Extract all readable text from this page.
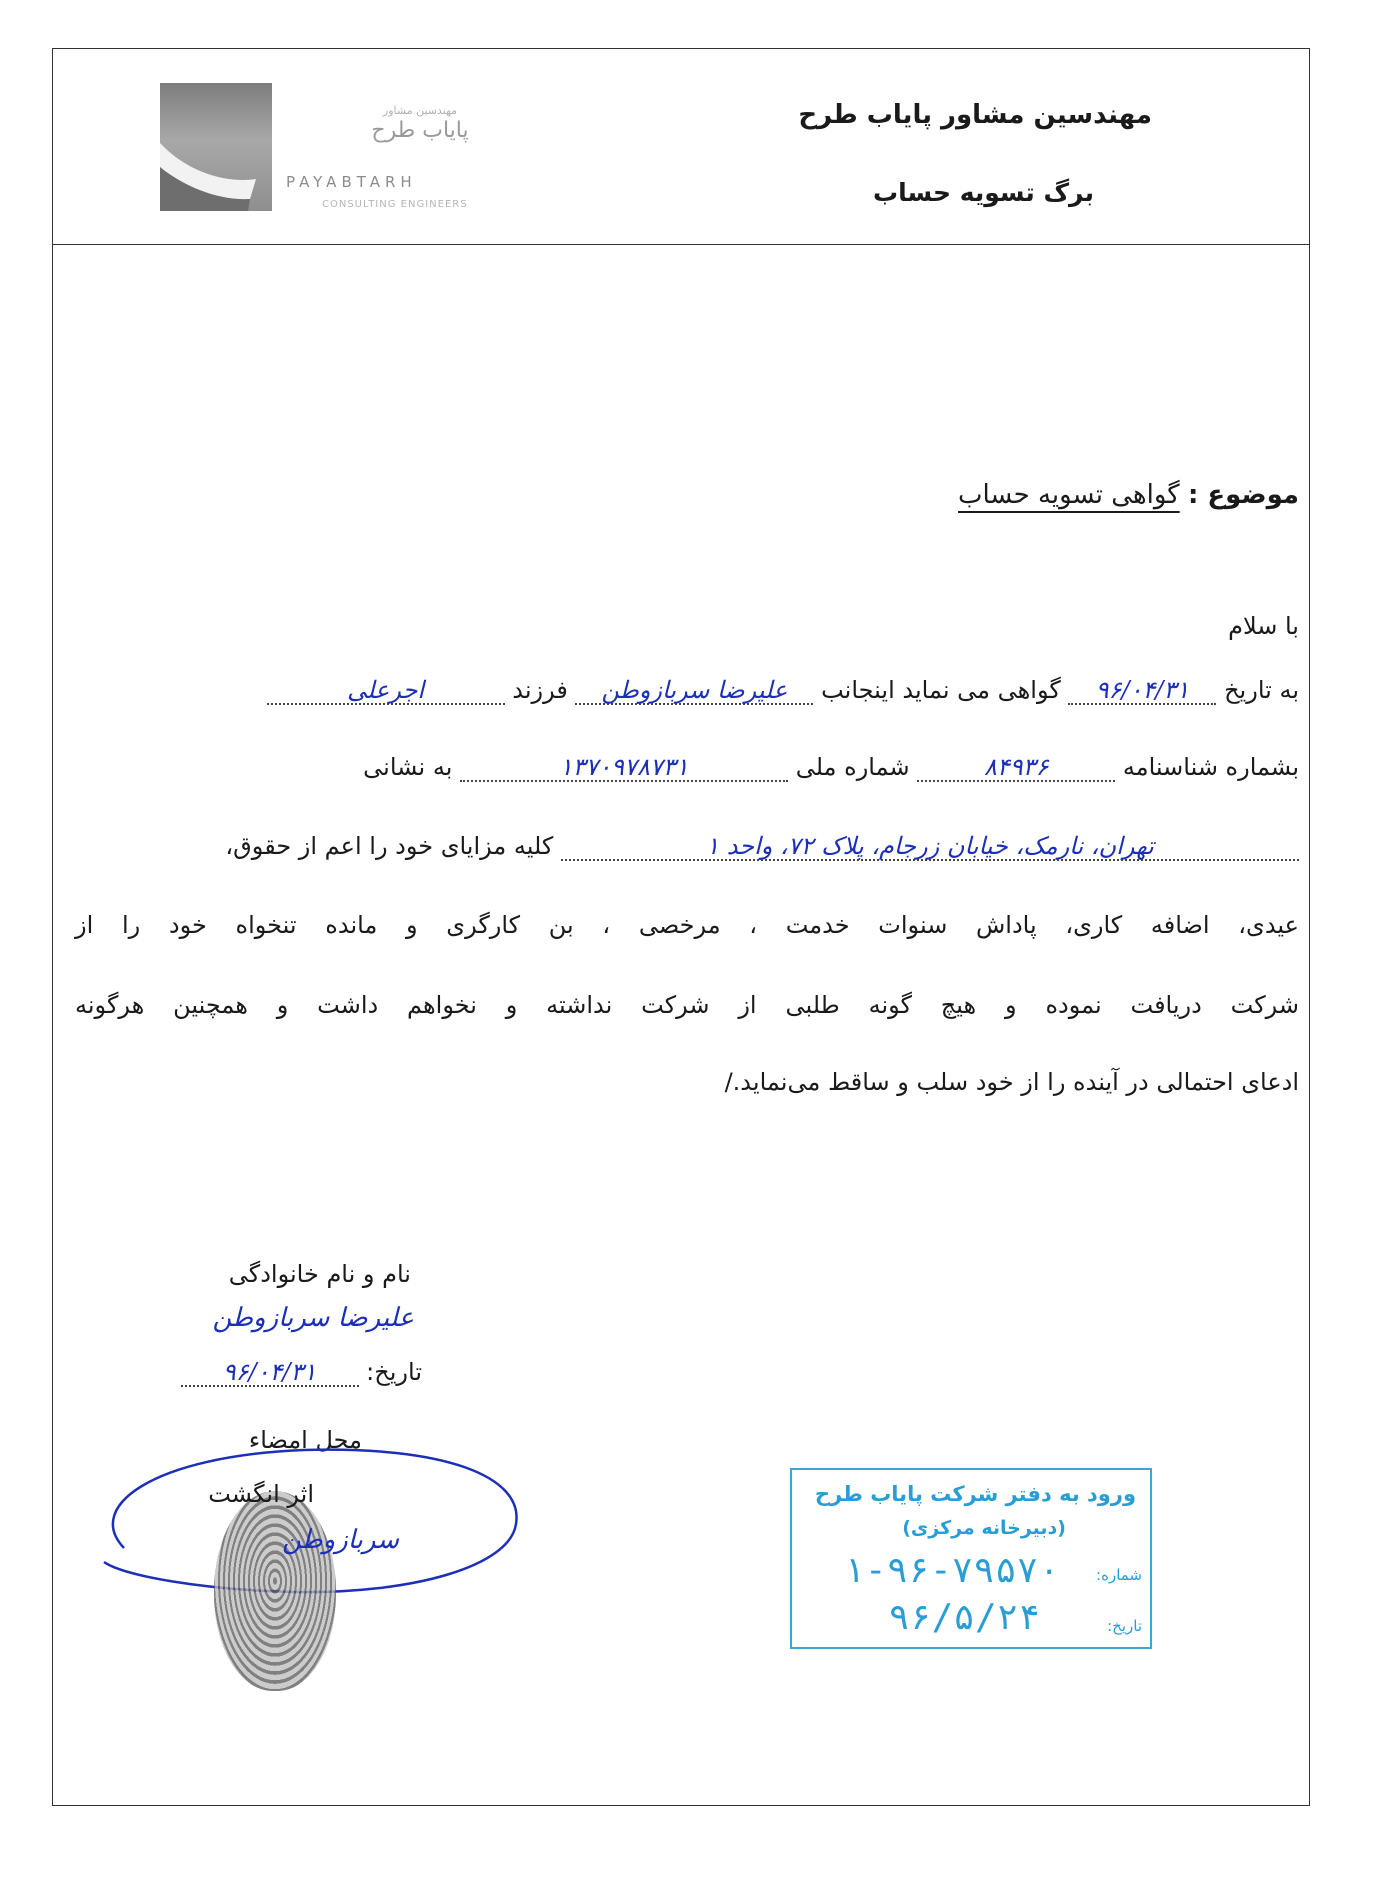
مهندسین مشاور
پایاب طرح
PAYABTARH
CONSULTING ENGINEERS
مهندسین مشاور پایاب طرح
برگ تسویه حساب
موضوع : گواهی تسویه حساب
با سلام
به تاریخ ۹۶/۰۴/۳۱ گواهی می نماید اینجانب علیرضا سربازوطن فرزند اجرعلی
بشماره شناسنامه ۸۴۹۳۶ شماره ملی ۱۳۷۰۹۷۸۷۳۱ به نشانی
تهران، نارمک، خیابان زرجام، پلاک ۷۲، واحد ۱ کلیه مزایای خود را اعم از حقوق،
عیدی، اضافه کاری، پاداش سنوات خدمت ، مرخصی ، بن کارگری و مانده تنخواه خود را از
شرکت دریافت نموده و هیچ گونه طلبی از شرکت نداشته و نخواهم داشت و همچنین هرگونه
ادعای احتمالی در آینده را از خود سلب و ساقط می‌نماید./
نام و نام خانوادگی
علیرضا سربازوطن
تاریخ: ۹۶/۰۴/۳۱
محل امضاء
اثر انگشت
سربازوطن
ورود به دفتر شرکت پایاب طرح
(دبیرخانه مرکزی)
شماره:
۱-۹۶-۷۹۵۷۰
تاریخ:
۹۶/۵/۲۴
